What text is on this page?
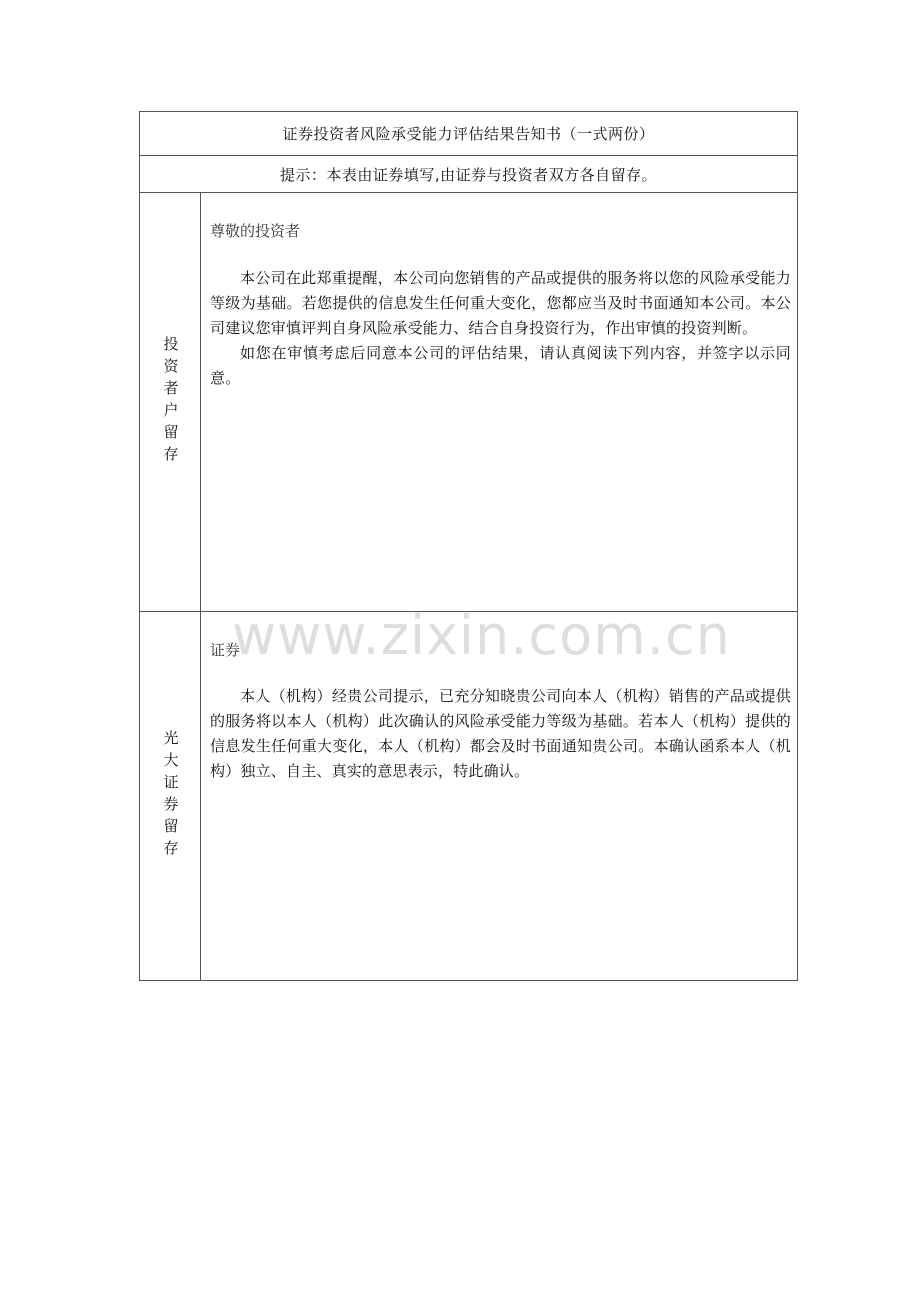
证券投资者风险承受能力评估结果告知书（一式两份）
提示：本表由证券填写,由证券与投资者双方各自留存。
投资者户留存
尊敬的投资者

本公司在此郑重提醒，本公司向您销售的产品或提供的服务将以您的风险承受能力等级为基础。若您提供的信息发生任何重大变化，您都应当及时书面通知本公司。本公司建议您审慎评判自身风险承受能力、结合自身投资行为，作出审慎的投资判断。

如您在审慎考虑后同意本公司的评估结果，请认真阅读下列内容，并签字以示同意。

光大证券留存
证券

本人（机构）经贵公司提示，已充分知晓贵公司向本人（机构）销售的产品或提供的服务将以本人（机构）此次确认的风险承受能力等级为基础。若本人（机构）提供的信息发生任何重大变化，本人（机构）都会及时书面通知贵公司。本确认函系本人（机构）独立、自主、真实的意思表示，特此确认。

www.zixin.com.cn
